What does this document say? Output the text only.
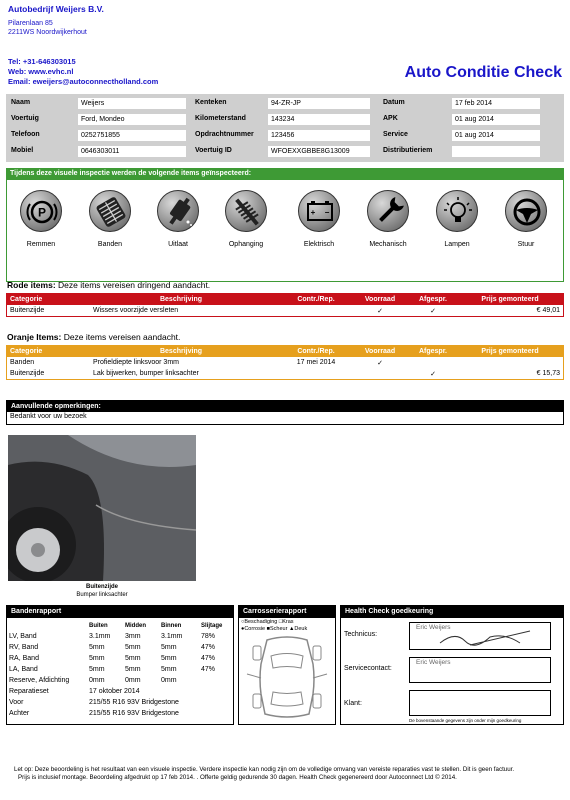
Autobedrijf Weijers B.V.
Pilarenlaan 85
2211WS Noordwijkerhout
Tel: +31-646303015
Web: www.evhc.nl
Email: eweijers@autoconnectholland.com
Auto Conditie Check
Naam	Weijers
Voertuig	Ford, Mondeo
Telefoon	0252751855
Mobiel	0646303011
Kenteken	94-ZR-JP
Kilometerstand	143234
Opdrachtnummer	123456
Voertuig ID	WFOEXXGBBE8G13009
Datum	17 feb 2014
APK	01 aug 2014
Service	01 aug 2014
Distributieriem
Tijdens deze visuele inspectie werden de volgende items geïnspecteerd:
P
Remmen	Banden	Uitlaat	Ophanging
+ −
Elektrisch	Mechanisch	Lampen	Stuur
Rode items: Deze items vereisen dringend aandacht.
Categorie	Beschrijving	Contr./Rep.	Voorraad	Afgespr.	Prijs gemonteerd
Buitenzijde	Wissers voorzijde versleten		✓	✓	€ 49,01
Oranje Items: Deze items vereisen aandacht.
Categorie	Beschrijving	Contr./Rep.	Voorraad	Afgespr.	Prijs gemonteerd
Banden	Profieldiepte linksvoor 3mm	17 mei 2014	✓		
Buitenzijde	Lak bijwerken, bumper linksachter			✓	€ 15,73
Aanvullende opmerkingen:
Bedankt voor uw bezoek
Buitenzijde
Bumper linksachter
Bandenrapport
	Buiten	Midden	Binnen	Slijtage
LV, Band	3.1mm	3mm	3.1mm	78%
RV, Band	5mm	5mm	5mm	47%
RA, Band	5mm	5mm	5mm	47%
LA, Band	5mm	5mm	5mm	47%
Reserve, Afdichting	0mm	0mm	0mm	
Reparatieset	17 oktober 2014			
Voor	215/55 R16 93V Bridgestone			
Achter	215/55 R16 93V Bridgestone			
Carrosserierapport
○Beschadiging □Kras
●Corrosie ■Scheur ▲Deuk
Health Check goedkeuring
Technicus:
Eric Weijers
Servicecontact:
Eric Weijers
Klant:
De bovenstaande gegevens zijn onder mijn goedkeuring
Let op: Deze beoordeling is het resultaat van een visuele inspectie. Verdere inspectie kan nodig zijn om de volledige omvang van vereiste reparaties vast te stellen. Dit is geen factuur.
Prijs is inclusief montage. Beoordeling afgedrukt op 17 feb 2014. . Offerte geldig gedurende 30 dagen. Health Check gegenereerd door Autoconnect Ltd © 2014.
